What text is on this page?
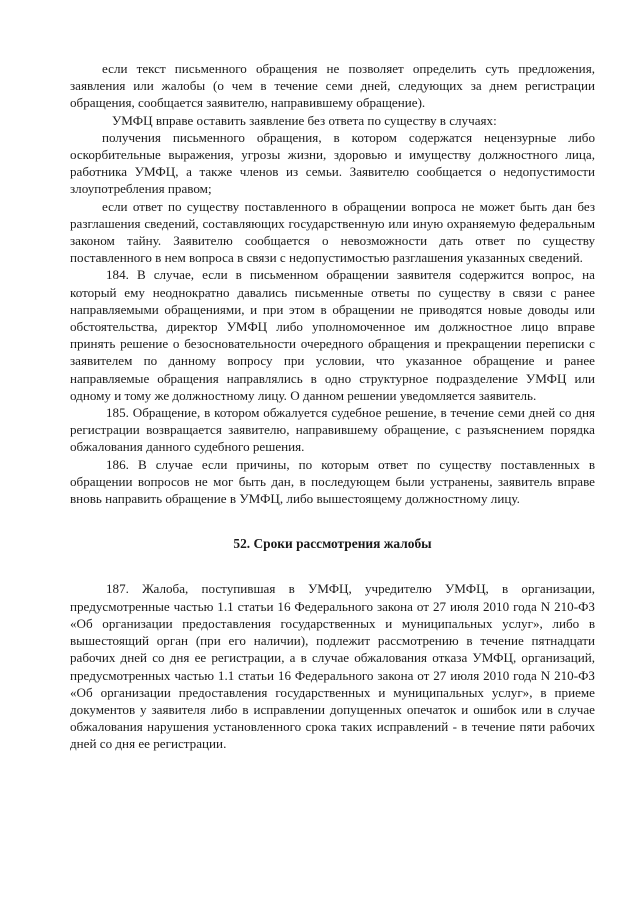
если текст письменного обращения не позволяет определить суть предложения, заявления или жалобы (о чем в течение семи дней, следующих за днем регистрации обращения, сообщается заявителю, направившему обращение).

УМФЦ вправе оставить заявление без ответа по существу в случаях:

получения письменного обращения, в котором содержатся нецензурные либо оскорбительные выражения, угрозы жизни, здоровью и имуществу должностного лица, работника УМФЦ, а также членов из семьи. Заявителю сообщается о недопустимости злоупотребления правом;

если ответ по существу поставленного в обращении вопроса не может быть дан без разглашения сведений, составляющих государственную или иную охраняемую федеральным законом тайну. Заявителю сообщается о невозможности дать ответ по существу поставленного в нем вопроса в связи с недопустимостью разглашения указанных сведений.

184. В случае, если в письменном обращении заявителя содержится вопрос, на который ему неоднократно давались письменные ответы по существу в связи с ранее направляемыми обращениями, и при этом в обращении не приводятся новые доводы или обстоятельства, директор УМФЦ либо уполномоченное им должностное лицо вправе принять решение о безосновательности очередного обращения и прекращении переписки с заявителем по данному вопросу при условии, что указанное обращение и ранее направляемые обращения направлялись в одно структурное подразделение УМФЦ или одному и тому же должностному лицу. О данном решении уведомляется заявитель.

185. Обращение, в котором обжалуется судебное решение, в течение семи дней со дня регистрации возвращается заявителю, направившему обращение, с разъяснением порядка обжалования данного судебного решения.

186. В случае если причины, по которым ответ по существу поставленных в обращении вопросов не мог быть дан, в последующем были устранены, заявитель вправе вновь направить обращение в УМФЦ, либо вышестоящему должностному лицу.

52. Сроки рассмотрения жалобы

187. Жалоба, поступившая в УМФЦ, учредителю УМФЦ, в организации, предусмотренные частью 1.1 статьи 16 Федерального закона от 27 июля 2010 года N 210-ФЗ «Об организации предоставления государственных и муниципальных услуг», либо в вышестоящий орган (при его наличии), подлежит рассмотрению в течение пятнадцати рабочих дней со дня ее регистрации, а в случае обжалования отказа УМФЦ, организаций, предусмотренных частью 1.1 статьи 16 Федерального закона от 27 июля 2010 года N 210-ФЗ «Об организации предоставления государственных и муниципальных услуг», в приеме документов у заявителя либо в исправлении допущенных опечаток и ошибок или в случае обжалования нарушения установленного срока таких исправлений - в течение пяти рабочих дней со дня ее регистрации.
